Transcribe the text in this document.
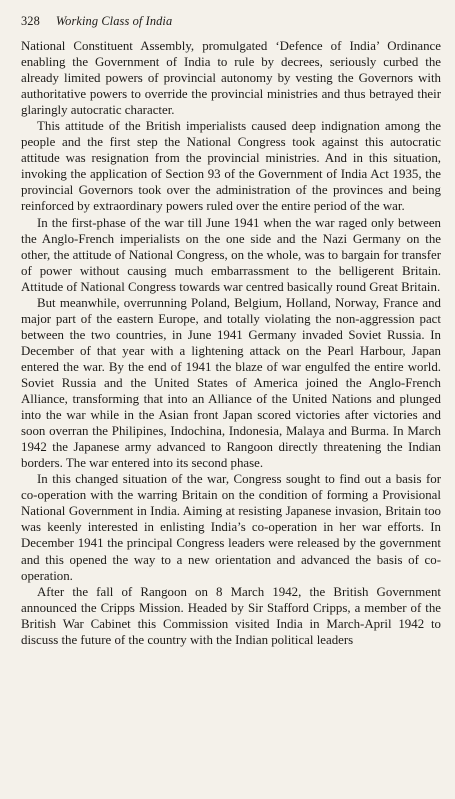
328 Working Class of India

National Constituent Assembly, promulgated ‘Defence of India’ Ordinance enabling the Government of India to rule by decrees, seriously curbed the already limited powers of provincial autonomy by vesting the Governors with authoritative powers to override the provincial ministries and thus betrayed their glaringly autocratic character.

This attitude of the British imperialists caused deep indignation among the people and the first step the National Congress took against this autocratic attitude was resignation from the provincial ministries. And in this situation, invoking the application of Section 93 of the Government of India Act 1935, the provincial Governors took over the administration of the provinces and being reinforced by extraordinary powers ruled over the entire period of the war.

In the first-phase of the war till June 1941 when the war raged only between the Anglo-French imperialists on the one side and the Nazi Germany on the other, the attitude of National Congress, on the whole, was to bargain for transfer of power without causing much embarrassment to the belligerent Britain. Attitude of National Congress towards war centred basically round Great Britain.

But meanwhile, overrunning Poland, Belgium, Holland, Norway, France and major part of the eastern Europe, and totally violating the non-aggression pact between the two countries, in June 1941 Germany invaded Soviet Russia. In December of that year with a lightening attack on the Pearl Harbour, Japan entered the war. By the end of 1941 the blaze of war engulfed the entire world. Soviet Russia and the United States of America joined the Anglo-French Alliance, transforming that into an Alliance of the United Nations and plunged into the war while in the Asian front Japan scored victories after victories and soon overran the Philipines, Indochina, Indonesia, Malaya and Burma. In March 1942 the Japanese army advanced to Rangoon directly threatening the Indian borders. The war entered into its second phase.

In this changed situation of the war, Congress sought to find out a basis for co-operation with the warring Britain on the condition of forming a Provisional National Government in India. Aiming at resisting Japanese invasion, Britain too was keenly interested in enlisting India’s co-operation in her war efforts. In December 1941 the principal Congress leaders were released by the government and this opened the way to a new orientation and advanced the basis of co-operation.

After the fall of Rangoon on 8 March 1942, the British Government announced the Cripps Mission. Headed by Sir Stafford Cripps, a member of the British War Cabinet this Commission visited India in March-April 1942 to discuss the future of the country with the Indian political leaders
